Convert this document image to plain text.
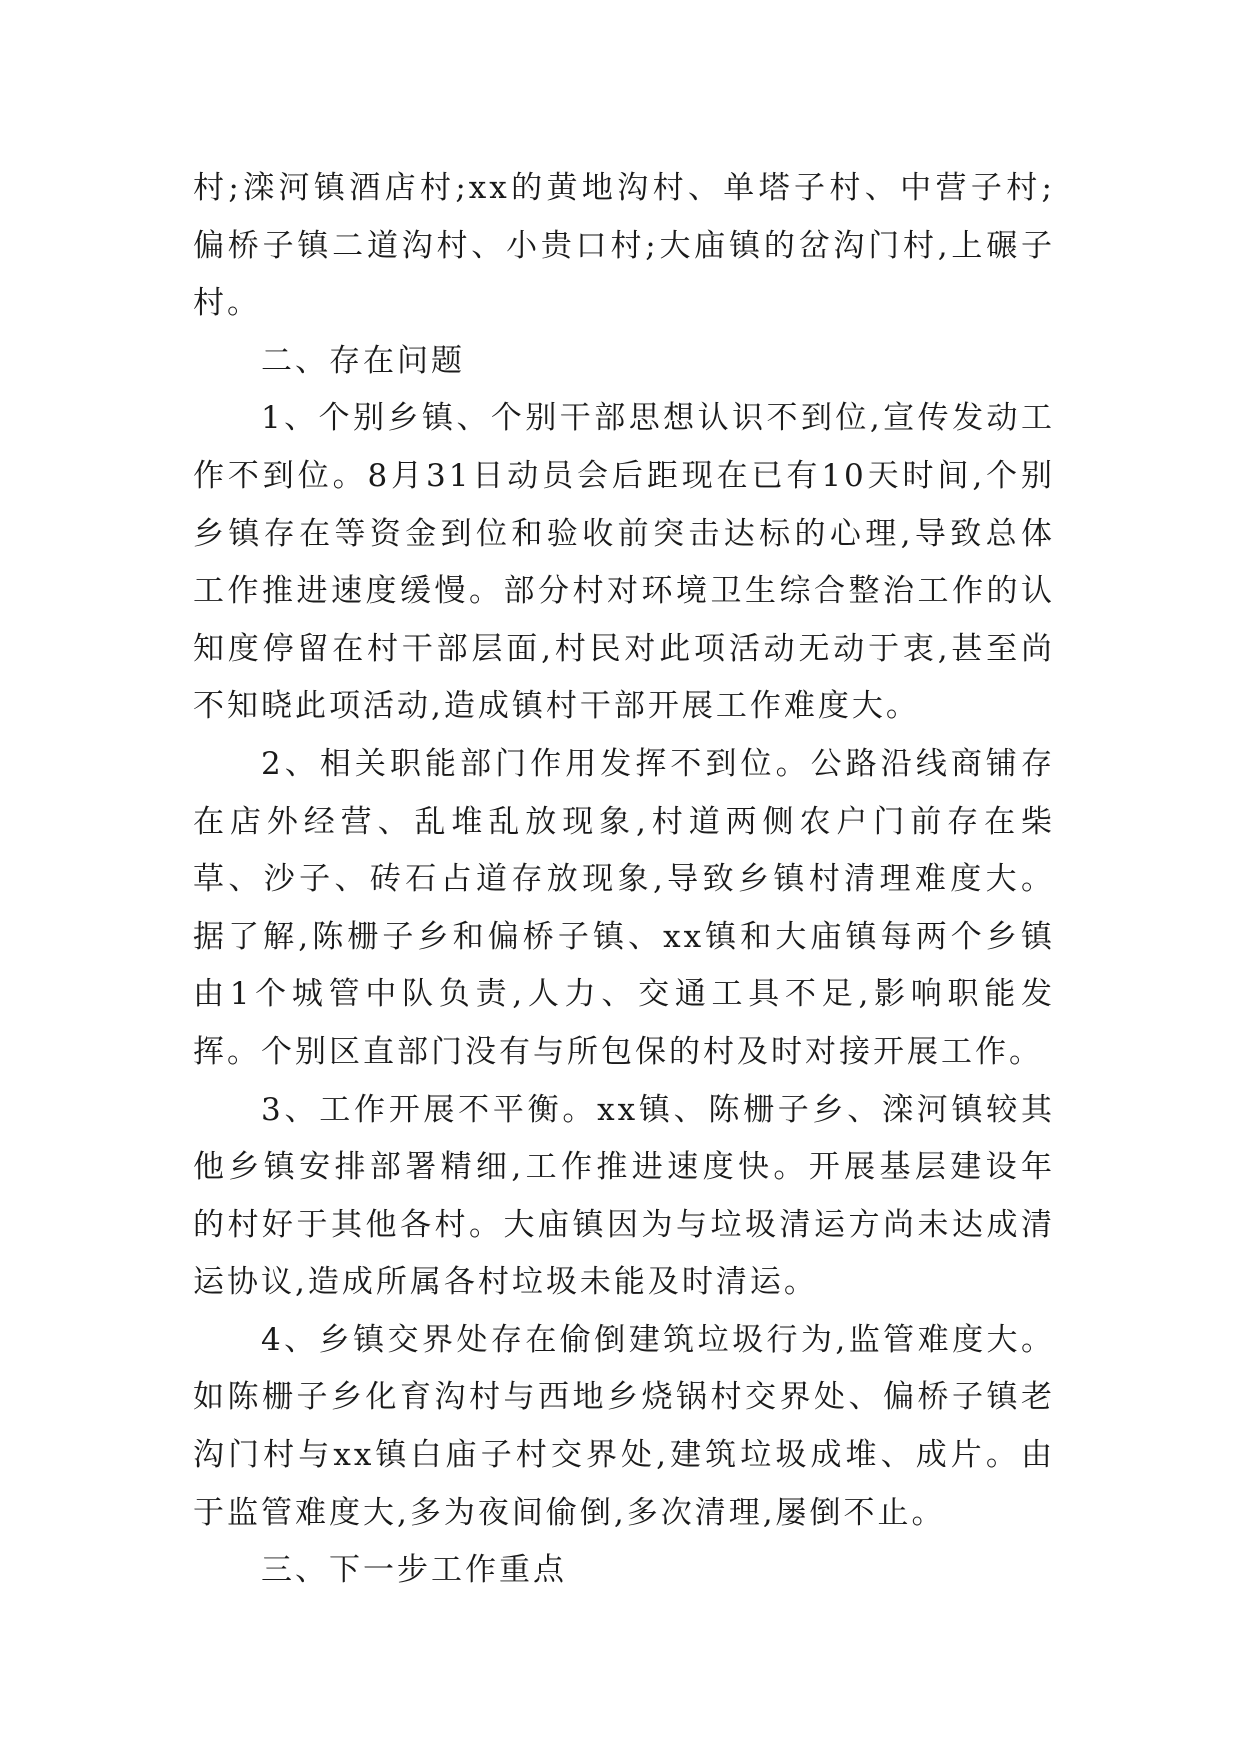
村;滦河镇酒店村;xx的黄地沟村、单塔子村、中营子村;偏桥子镇二道沟村、小贵口村;大庙镇的岔沟门村,上碾子村。

二、存在问题

1、个别乡镇、个别干部思想认识不到位,宣传发动工作不到位。8月31日动员会后距现在已有10天时间,个别乡镇存在等资金到位和验收前突击达标的心理,导致总体工作推进速度缓慢。部分村对环境卫生综合整治工作的认知度停留在村干部层面,村民对此项活动无动于衷,甚至尚不知晓此项活动,造成镇村干部开展工作难度大。

2、相关职能部门作用发挥不到位。公路沿线商铺存在店外经营、乱堆乱放现象,村道两侧农户门前存在柴草、沙子、砖石占道存放现象,导致乡镇村清理难度大。据了解,陈栅子乡和偏桥子镇、xx镇和大庙镇每两个乡镇由1个城管中队负责,人力、交通工具不足,影响职能发挥。个别区直部门没有与所包保的村及时对接开展工作。

3、工作开展不平衡。xx镇、陈栅子乡、滦河镇较其他乡镇安排部署精细,工作推进速度快。开展基层建设年的村好于其他各村。大庙镇因为与垃圾清运方尚未达成清运协议,造成所属各村垃圾未能及时清运。

4、乡镇交界处存在偷倒建筑垃圾行为,监管难度大。如陈栅子乡化育沟村与西地乡烧锅村交界处、偏桥子镇老沟门村与xx镇白庙子村交界处,建筑垃圾成堆、成片。由于监管难度大,多为夜间偷倒,多次清理,屡倒不止。

三、下一步工作重点
